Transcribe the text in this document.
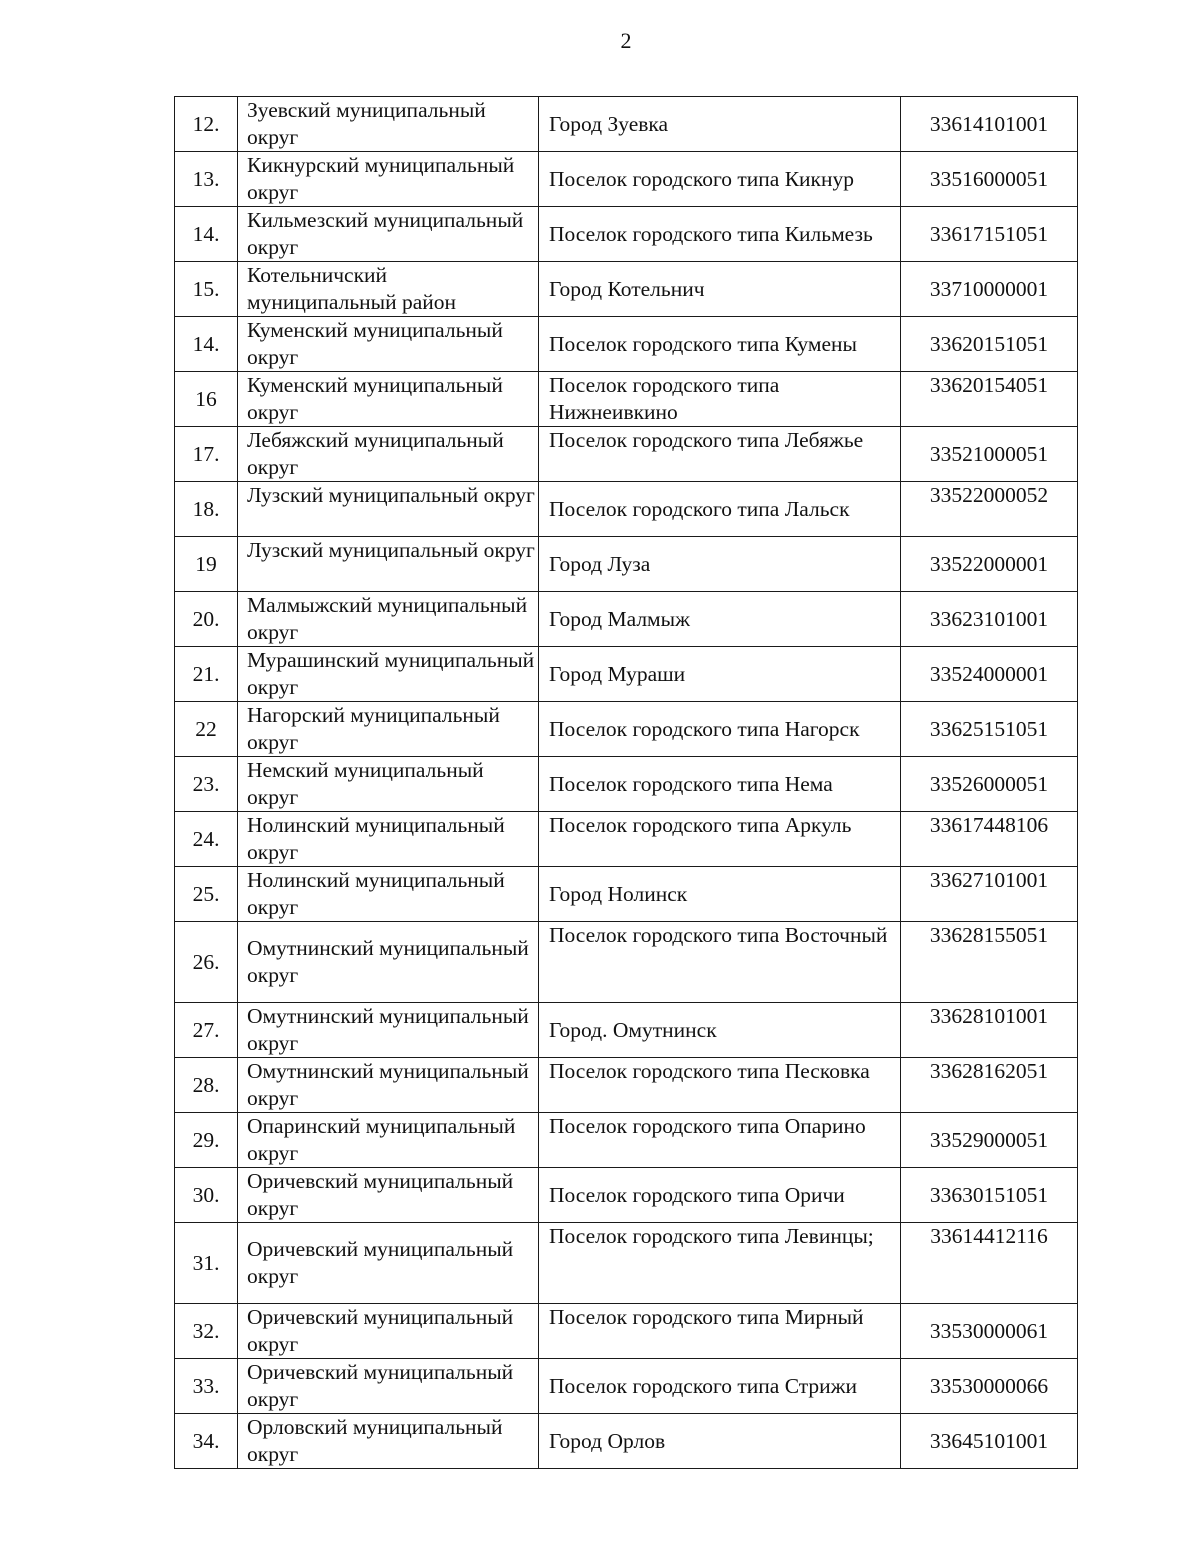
2
12.	Зуевский муниципальный округ	Город Зуевка	33614101001

13.	Кикнурский муниципальный округ	Поселок городского типа Кикнур	33516000051

14.	Кильмезский муниципальный округ	Поселок городского типа Кильмезь	33617151051

15.	Котельничский муниципальный район	Город Котельнич	33710000001

14.	Куменский муниципальный округ	Поселок городского типа Кумены	33620151051

16	Куменский муниципальный округ	Поселок городского типа Нижнеивкино	33620154051

17.	Лебяжский муниципальный округ	Поселок городского типа Лебяжье	33521000051

18.	Лузский муниципальный округ	Поселок городского типа Лальск	33522000052

19	Лузский муниципальный округ	Город Луза	33522000001

20.	Малмыжский муниципальный округ	Город Малмыж	33623101001

21.	Мурашинский муниципальный округ	Город Мураши	33524000001

22	Нагорский муниципальный округ	Поселок городского типа Нагорск	33625151051

23.	Немский муниципальный округ	Поселок городского типа Нема	33526000051

24.	Нолинский муниципальный округ	Поселок городского типа Аркуль	33617448106

25.	Нолинский муниципальный округ	Город Нолинск	33627101001

26.	Омутнинский муниципальный округ	Поселок городского типа Восточный	33628155051

27.	Омутнинский муниципальный округ	Город. Омутнинск	33628101001

28.	Омутнинский муниципальный округ	Поселок городского типа Песковка	33628162051

29.	Опаринский муниципальный округ	Поселок городского типа Опарино	33529000051

30.	Оричевский муниципальный округ	Поселок городского типа Оричи	33630151051

31.	Оричевский муниципальный округ	Поселок городского типа Левинцы;	33614412116

32.	Оричевский муниципальный округ	Поселок городского типа Мирный	33530000061

33.	Оричевский муниципальный округ	Поселок городского типа Стрижи	33530000066

34.	Орловский муниципальный округ	Город Орлов	33645101001
